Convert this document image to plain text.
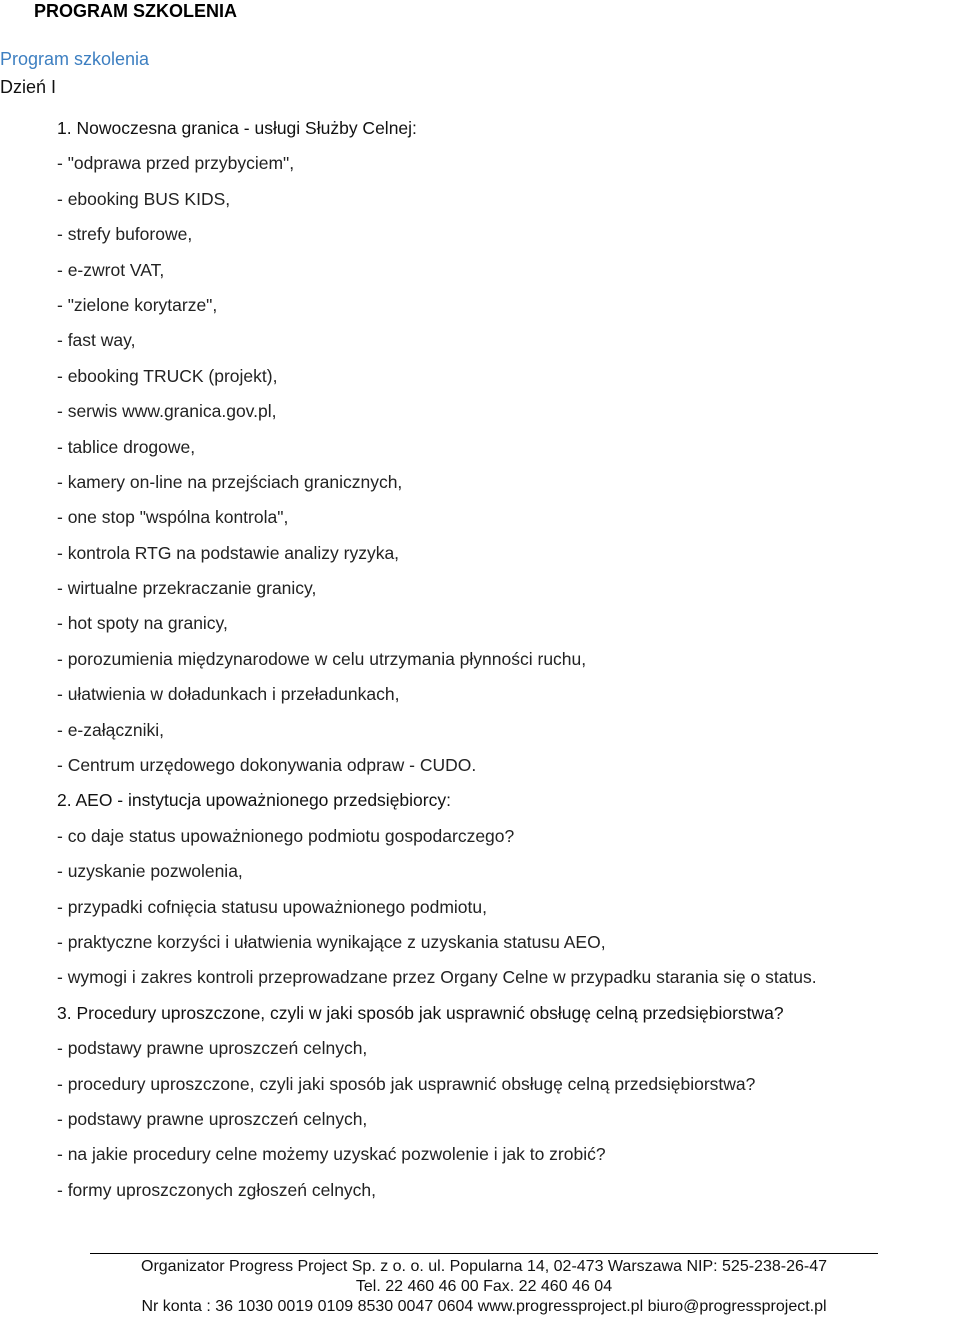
PROGRAM SZKOLENIA
Program szkolenia
Dzień I
1. Nowoczesna granica - usługi Służby Celnej:
- "odprawa przed przybyciem",
- ebooking BUS KIDS,
- strefy buforowe,
- e-zwrot VAT,
- "zielone korytarze",
- fast way,
- ebooking TRUCK (projekt),
- serwis www.granica.gov.pl,
- tablice drogowe,
- kamery on-line na przejściach granicznych,
- one stop "wspólna kontrola",
- kontrola RTG na podstawie analizy ryzyka,
- wirtualne przekraczanie granicy,
- hot spoty na granicy,
- porozumienia międzynarodowe w celu utrzymania płynności ruchu,
- ułatwienia w doładunkach i przeładunkach,
- e-załączniki,
- Centrum urzędowego dokonywania odpraw - CUDO.
2. AEO - instytucja upoważnionego przedsiębiorcy:
- co daje status upoważnionego podmiotu gospodarczego?
- uzyskanie pozwolenia,
- przypadki cofnięcia statusu upoważnionego podmiotu,
- praktyczne korzyści i ułatwienia wynikające z uzyskania statusu AEO,
- wymogi i zakres kontroli przeprowadzane przez Organy Celne w przypadku starania się o status.
3. Procedury uproszczone, czyli w jaki sposób jak usprawnić obsługę celną przedsiębiorstwa?
- podstawy prawne uproszczeń celnych,
- procedury uproszczone, czyli jaki sposób jak usprawnić obsługę celną przedsiębiorstwa?
- podstawy prawne uproszczeń celnych,
- na jakie procedury celne możemy uzyskać pozwolenie i jak to zrobić?
- formy uproszczonych zgłoszeń celnych,
Organizator Progress Project Sp. z o. o. ul. Popularna 14, 02-473 Warszawa NIP: 525-238-26-47
Tel. 22 460 46 00 Fax. 22 460 46 04
Nr konta : 36 1030 0019 0109 8530 0047 0604 www.progressproject.pl biuro@progressproject.pl
